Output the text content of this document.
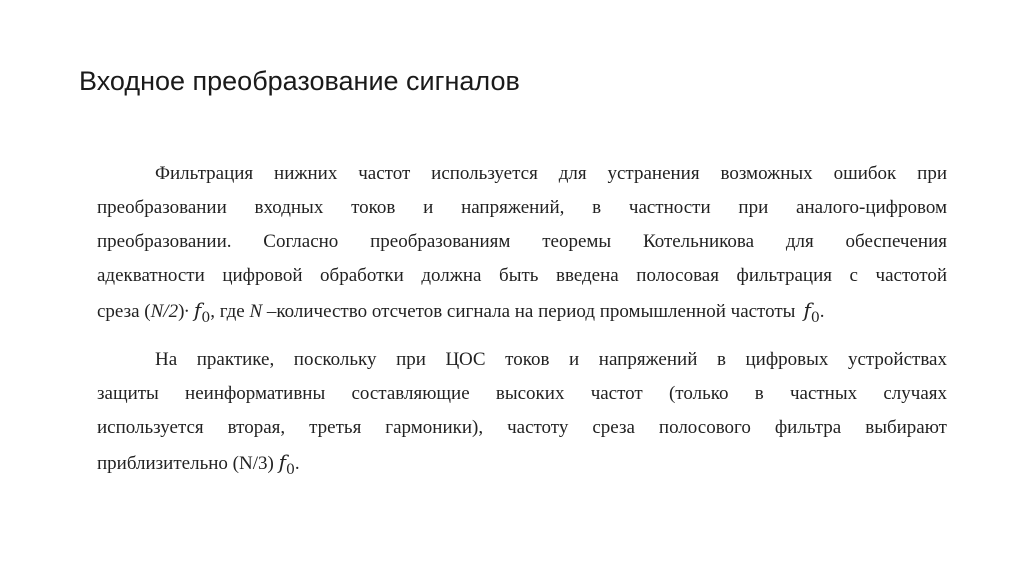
Входное преобразование сигналов
Фильтрация нижних частот используется для устранения возможных ошибок при
преобразовании входных токов и напряжений, в частности при аналого-цифровом
преобразовании. Согласно преобразованиям теоремы Котельникова для обеспечения
адекватности цифровой обработки должна быть введена полосовая фильтрация с частотой
среза $(N/2)\cdot f_0$, где N –количество отсчетов сигнала на период промышленной частоты $f_0$.
На практике, поскольку при ЦОС токов и напряжений в цифровых устройствах
защиты неинформативны составляющие высоких частот (только в частных случаях
используется вторая, третья гармоники), частоту среза полосового фильтра выбирают
приблизительно (N/3) $f_0$.
